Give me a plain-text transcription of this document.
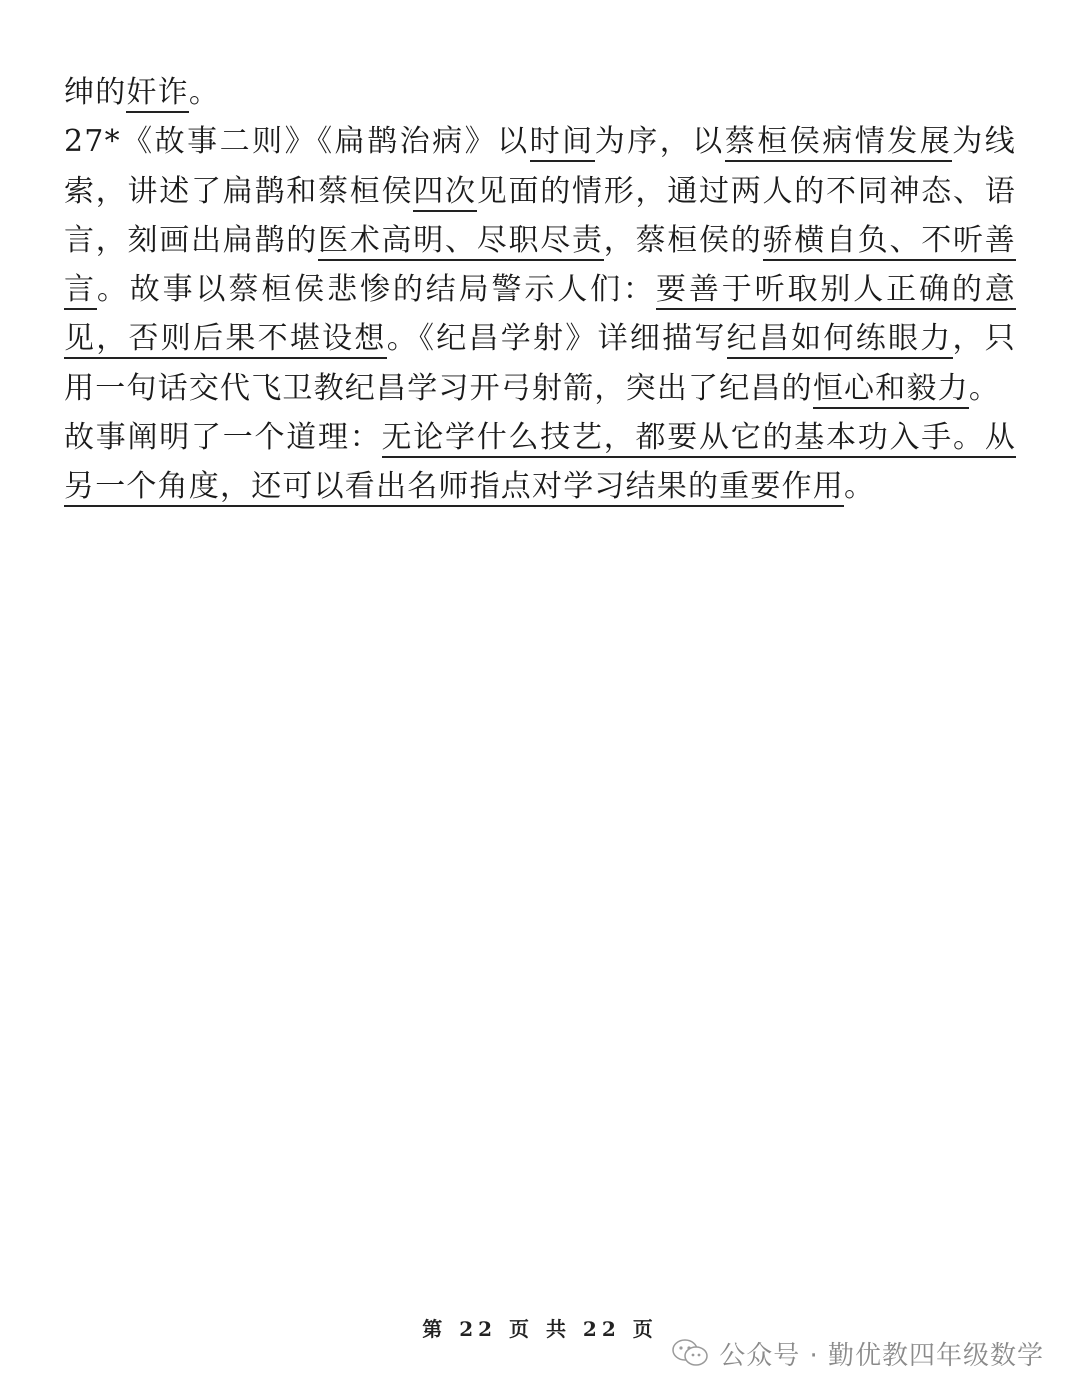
绅的奸诈。
27*《故事二则》《扁鹊治病》以时间为序，以蔡桓侯病情发展为线
索，讲述了扁鹊和蔡桓侯四次见面的情形，通过两人的不同神态、语
言，刻画出扁鹊的医术高明、尽职尽责，蔡桓侯的骄横自负、不听善
言。故事以蔡桓侯悲惨的结局警示人们：要善于听取别人正确的意
见，否则后果不堪设想。《纪昌学射》详细描写纪昌如何练眼力，只
用一句话交代飞卫教纪昌学习开弓射箭，突出了纪昌的恒心和毅力。
故事阐明了一个道理：无论学什么技艺，都要从它的基本功入手。从
另一个角度，还可以看出名师指点对学习结果的重要作用。
第 22 页 共 22 页
公众号 · 勤优教四年级数学
